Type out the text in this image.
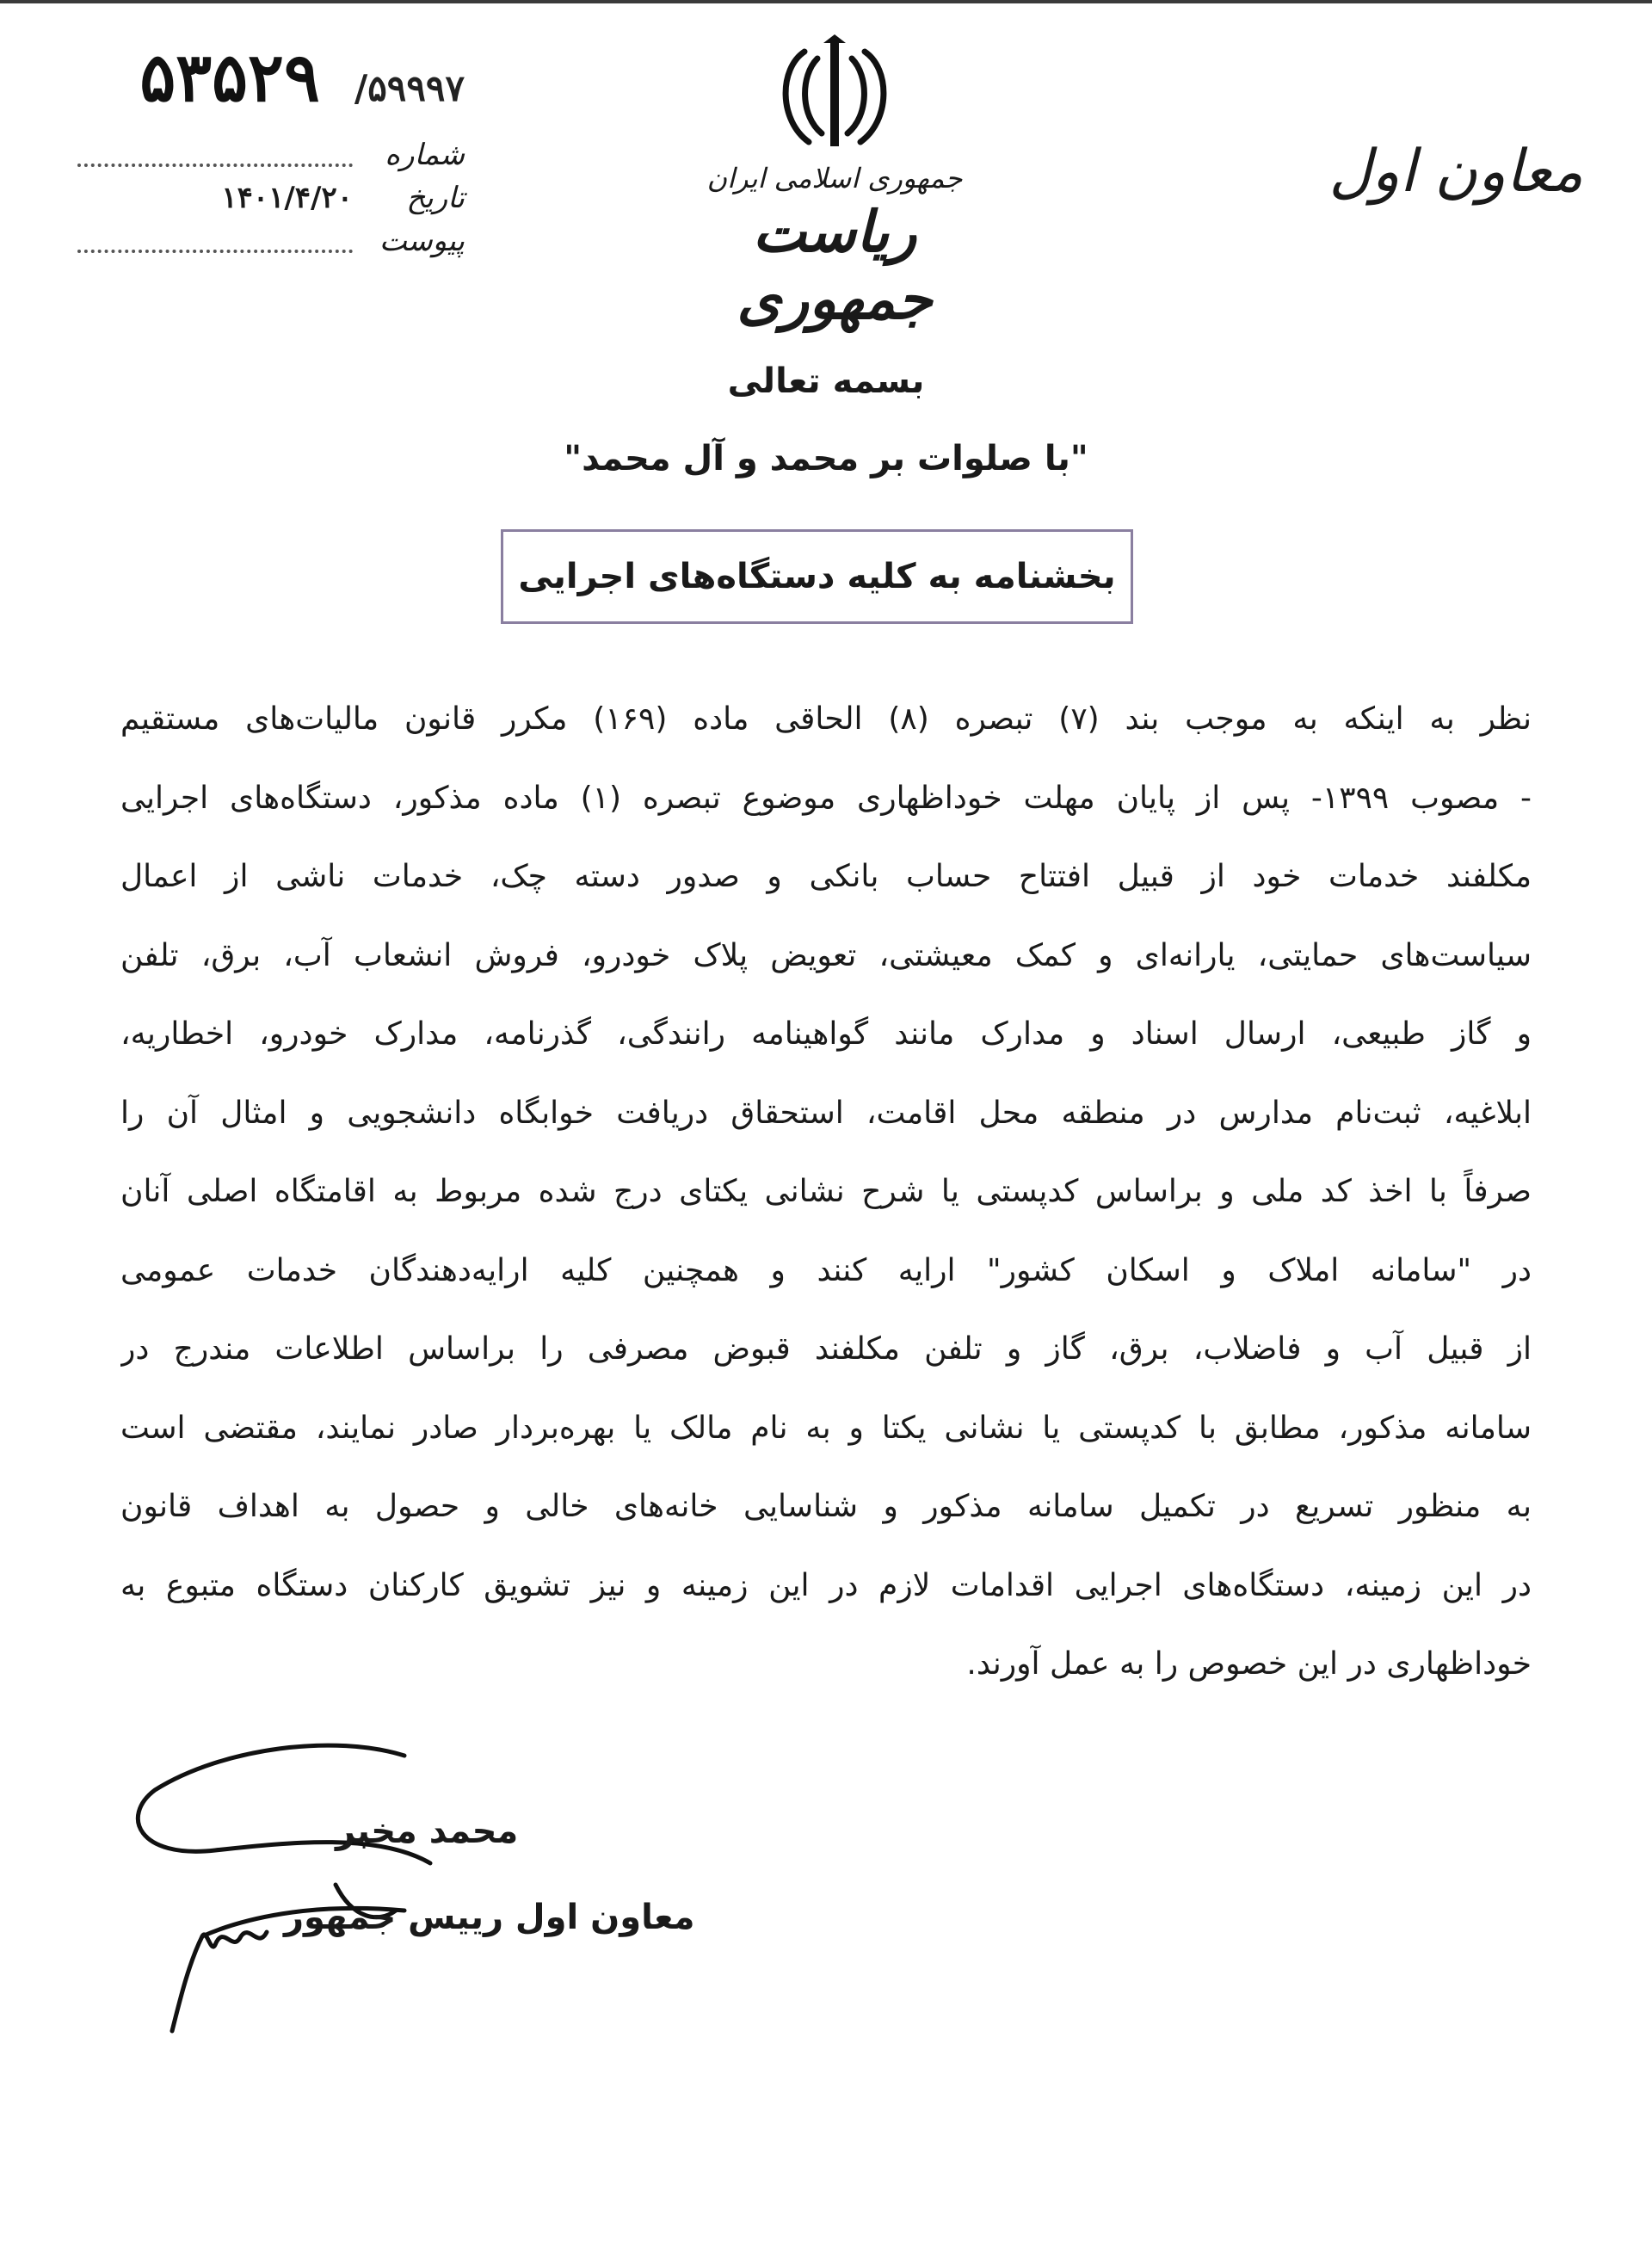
۵۳۵۲۹ ۵۹۹۹۷/
شماره
تاریخ
۱۴۰۱/۴/۲۰
پیوست
جمهوری اسلامی ایران
ریاست جمهوری
معاون اول
بسمه تعالی
"با صلوات بر محمد و آل محمد"
بخشنامه به کلیه دستگاه‌های اجرایی
نظر به اینکه به موجب بند (۷) تبصره (۸) الحاقی ماده (۱۶۹) مکرر قانون مالیات‌های مستقیم
- مصوب ۱۳۹۹- پس از پایان مهلت خوداظهاری موضوع تبصره (۱) ماده مذکور، دستگاه‌های اجرایی
مکلفند خدمات خود از قبیل افتتاح حساب بانکی و صدور دسته چک، خدمات ناشی از اعمال
سیاست‌های حمایتی، یارانه‌ای و کمک معیشتی، تعویض پلاک خودرو، فروش انشعاب آب، برق، تلفن
و گاز طبیعی، ارسال اسناد و مدارک مانند گواهینامه رانندگی، گذرنامه، مدارک خودرو، اخطاریه،
ابلاغیه، ثبت‌نام مدارس در منطقه محل اقامت، استحقاق دریافت خوابگاه دانشجویی و امثال آن را
صرفاً با اخذ کد ملی و براساس کدپستی یا شرح نشانی یکتای درج شده مربوط به اقامتگاه اصلی آنان
در "سامانه املاک و اسکان کشور" ارایه کنند و همچنین کلیه ارایه‌دهندگان خدمات عمومی
از قبیل آب و فاضلاب، برق، گاز و تلفن مکلفند قبوض مصرفی را براساس اطلاعات مندرج در
سامانه مذکور، مطابق با کدپستی یا نشانی یکتا و به نام مالک یا بهره‌بردار صادر نمایند، مقتضی است
به منظور تسریع در تکمیل سامانه مذکور و شناسایی خانه‌های خالی و حصول به اهداف قانون
در این زمینه، دستگاه‌های اجرایی اقدامات لازم در این زمینه و نیز تشویق کارکنان دستگاه متبوع به
خوداظهاری در این خصوص را به عمل آورند.
محمد مخبر
معاون اول رییس جمهور
